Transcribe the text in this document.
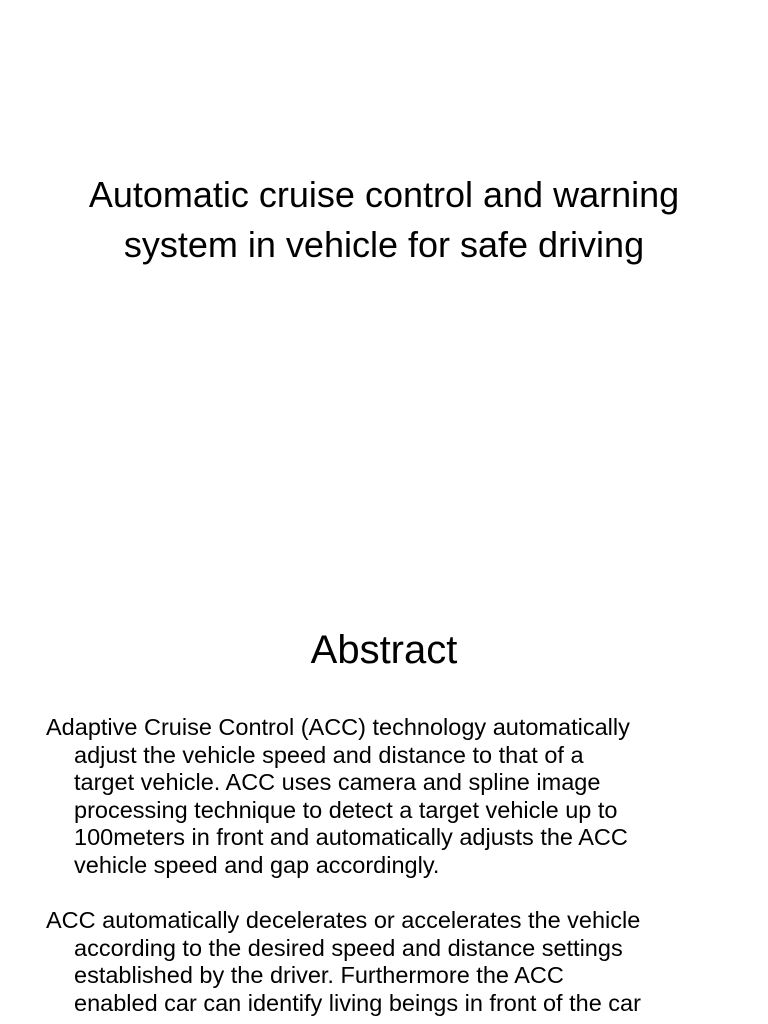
Automatic cruise control and warning system in vehicle for safe driving
Abstract

Adaptive Cruise Control (ACC) technology automatically
adjust the vehicle speed and distance to that of a
target vehicle. ACC uses camera and spline image
processing technique to detect a target vehicle up to
100meters in front and automatically adjusts the ACC
vehicle speed and gap accordingly.

ACC automatically decelerates or accelerates the vehicle
according to the desired speed and distance settings
established by the driver. Furthermore the ACC
enabled car can identify living beings in front of the car
